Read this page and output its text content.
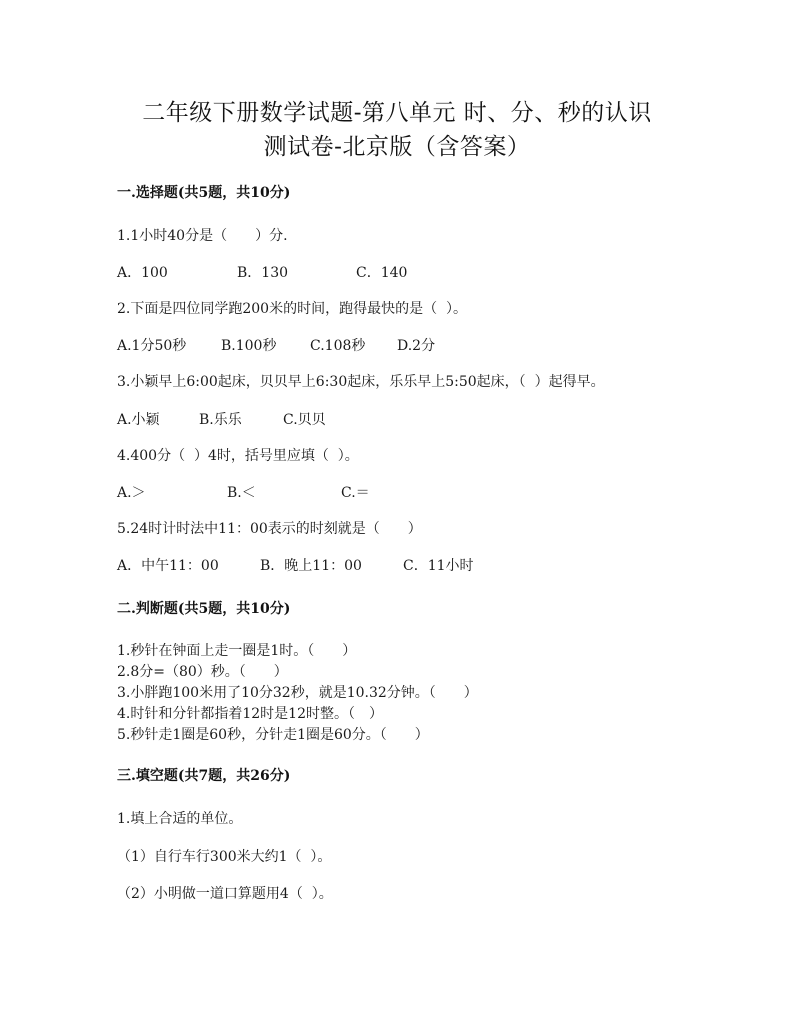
二年级下册数学试题-第八单元 时、分、秒的认识
测试卷-北京版（含答案）
一.选择题(共5题，共10分)
1.1小时40分是（　　）分.
A．100	B．130	C．140
2.下面是四位同学跑200米的时间，跑得最快的是（  ）。
A.1分50秒 B.100秒 C.108秒 D.2分
3.小颖早上6:00起床，贝贝早上6:30起床，乐乐早上5:50起床，（  ）起得早。
A.小颖	B.乐乐	C.贝贝
4.400分（  ）4时，括号里应填（  ）。
A.＞	B.＜	C.＝
5.24时计时法中11：00表示的时刻就是（　　）
A．中午11：00	B．晚上11：00	C．11小时
二.判断题(共5题，共10分)
1.秒针在钟面上走一圈是1时。（　　）
2.8分=（80）秒。（　　）
3.小胖跑100米用了10分32秒，就是10.32分钟。（　　）
4.时针和分针都指着12时是12时整。（　）
5.秒针走1圈是60秒，分针走1圈是60分。（　　）
三.填空题(共7题，共26分)
1.填上合适的单位。
（1）自行车行300米大约1（  ）。
（2）小明做一道口算题用4（  ）。
